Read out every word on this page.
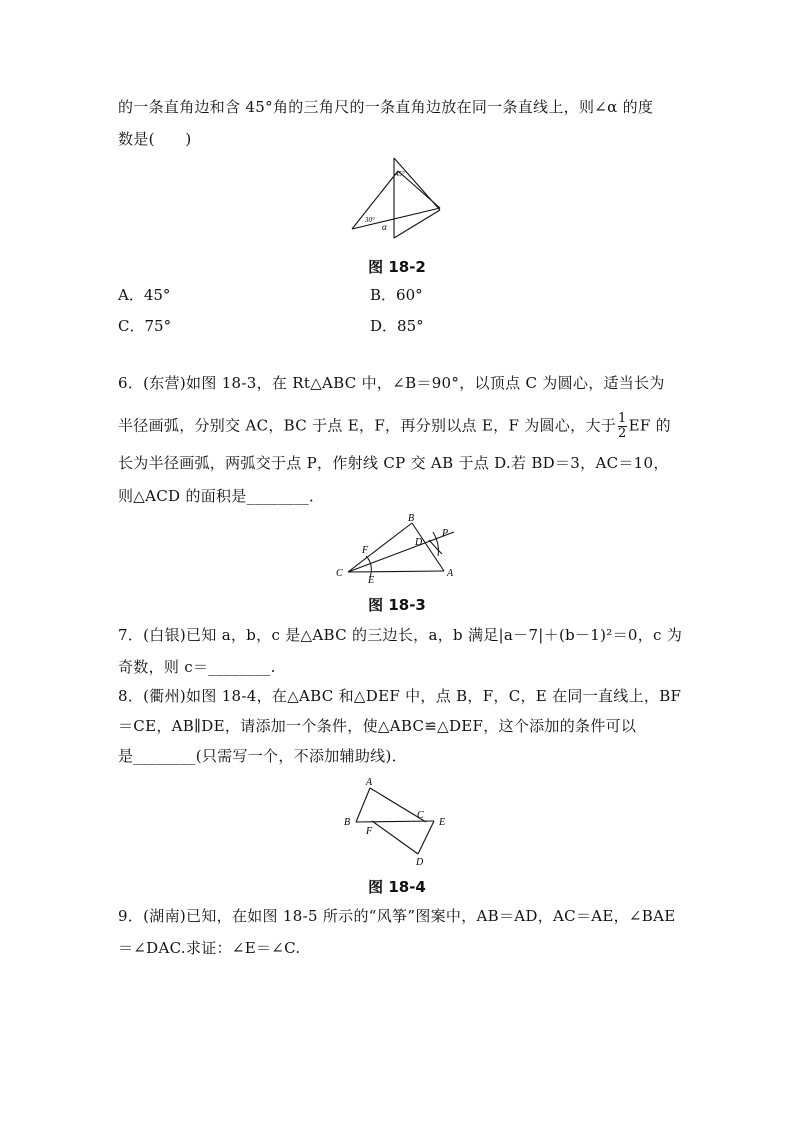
的一条直角边和含 45°角的三角尺的一条直角边放在同一条直线上，则∠α 的度
数是(　　)
45°
30°
α
图 18-2
A．45°	B．60°
C．75°	D．85°
6．(东营)如图 18-3，在 Rt△ABC 中，∠B＝90°，以顶点 C 为圆心，适当长为
半径画弧，分别交 AC，BC 于点 E，F，再分别以点 E，F 为圆心，大于 $\frac{1}{2}$ EF 的
长为半径画弧，两弧交于点 P，作射线 CP 交 AB 于点 D.若 BD＝3，AC＝10，
则△ACD 的面积是________．
B
C	A
D
F
E
P
图 18-3
7．(白银)已知 a，b，c 是△ABC 的三边长，a，b 满足|a－7|＋(b－1)²＝0，c 为
奇数，则 c＝________.
8．(衢州)如图 18-4，在△ABC 和△DEF 中，点 B，F，C，E 在同一直线上，BF
＝CE，AB∥DE，请添加一个条件，使△ABC≌△DEF，这个添加的条件可以
是________(只需写一个，不添加辅助线)．
A
B
F
C
E
D
图 18-4
9．(湖南)已知，在如图 18-5 所示的“风筝”图案中，AB＝AD，AC＝AE，∠BAE
＝∠DAC.求证：∠E＝∠C.
